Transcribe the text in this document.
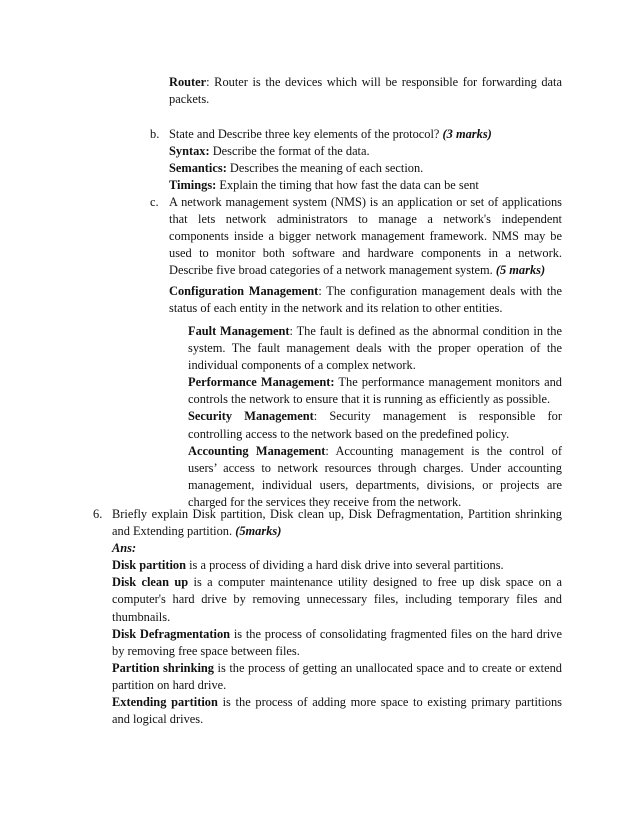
Router: Router is the devices which will be responsible for forwarding data packets.
b. State and Describe three key elements of the protocol? (3 marks)
Syntax: Describe the format of the data.
Semantics: Describes the meaning of each section.
Timings: Explain the timing that how fast the data can be sent
c. A network management system (NMS) is an application or set of applications that lets network administrators to manage a network's independent components inside a bigger network management framework. NMS may be used to monitor both software and hardware components in a network. Describe five broad categories of a network management system. (5 marks)
Configuration Management: The configuration management deals with the status of each entity in the network and its relation to other entities.
Fault Management: The fault is defined as the abnormal condition in the system. The fault management deals with the proper operation of the individual components of a complex network.
Performance Management: The performance management monitors and controls the network to ensure that it is running as efficiently as possible.
Security Management: Security management is responsible for controlling access to the network based on the predefined policy.
Accounting Management: Accounting management is the control of users’ access to network resources through charges. Under accounting management, individual users, departments, divisions, or projects are charged for the services they receive from the network.
6. Briefly explain Disk partition, Disk clean up, Disk Defragmentation, Partition shrinking and Extending partition. (5marks)
Ans:
Disk partition is a process of dividing a hard disk drive into several partitions.
Disk clean up is a computer maintenance utility designed to free up disk space on a computer's hard drive by removing unnecessary files, including temporary files and thumbnails.
Disk Defragmentation is the process of consolidating fragmented files on the hard drive by removing free space between files.
Partition shrinking is the process of getting an unallocated space and to create or extend partition on hard drive.
Extending partition is the process of adding more space to existing primary partitions and logical drives.
